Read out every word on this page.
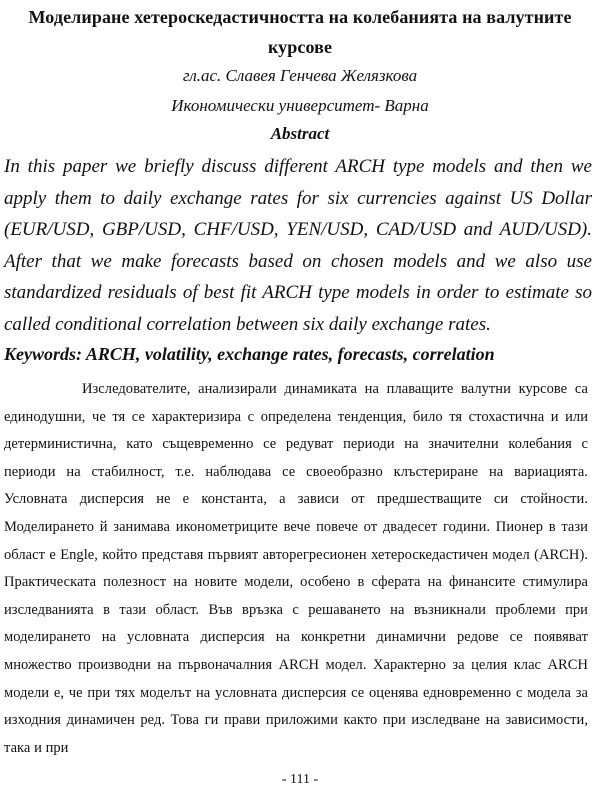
Моделиране хетероскедастичността на колебанията на валутните курсове
гл.ас. Славея Генчева Желязкова
Икономически университет- Варна
Abstract
In this paper we briefly discuss different ARCH type models and then we apply them to daily exchange rates for six currencies against US Dollar (EUR/USD, GBP/USD, CHF/USD, YEN/USD, CAD/USD and AUD/USD). After that we make forecasts based on chosen models and we also use standardized residuals of best fit ARCH type models in order to estimate so called conditional correlation between six daily exchange rates.
Keywords: ARCH, volatility, exchange rates, forecasts, correlation
Изследователите, анализирали динамиката на плаващите валутни курсове са единодушни, че тя се характеризира с определена тенденция, било тя стохастична и или детерминистична, като същевременно се редуват периоди на значителни колебания с периоди на стабилност, т.е. наблюдава се своеобразно клъстериране на вариацията. Условната дисперсия не е константа, а зависи от предшестващите си стойности. Моделирането й занимава иконометриците вече повече от двадесет години. Пионер в тази област е Engle, който представя първият авторегресионен хетероскедастичен модел (ARCH). Практическата полезност на новите модели, особено в сферата на финансите стимулира изследванията в тази област. Във връзка с решаването на възникнали проблеми при моделирането на условната дисперсия на конкретни динамични редове се появяват множество производни на първоначалния ARCH модел. Характерно за целия клас ARCH модели е, че при тях моделът на условната дисперсия се оценява едновременно с модела за изходния динамичен ред. Това ги прави приложими както при изследване на зависимости, така и при
- 111 -
